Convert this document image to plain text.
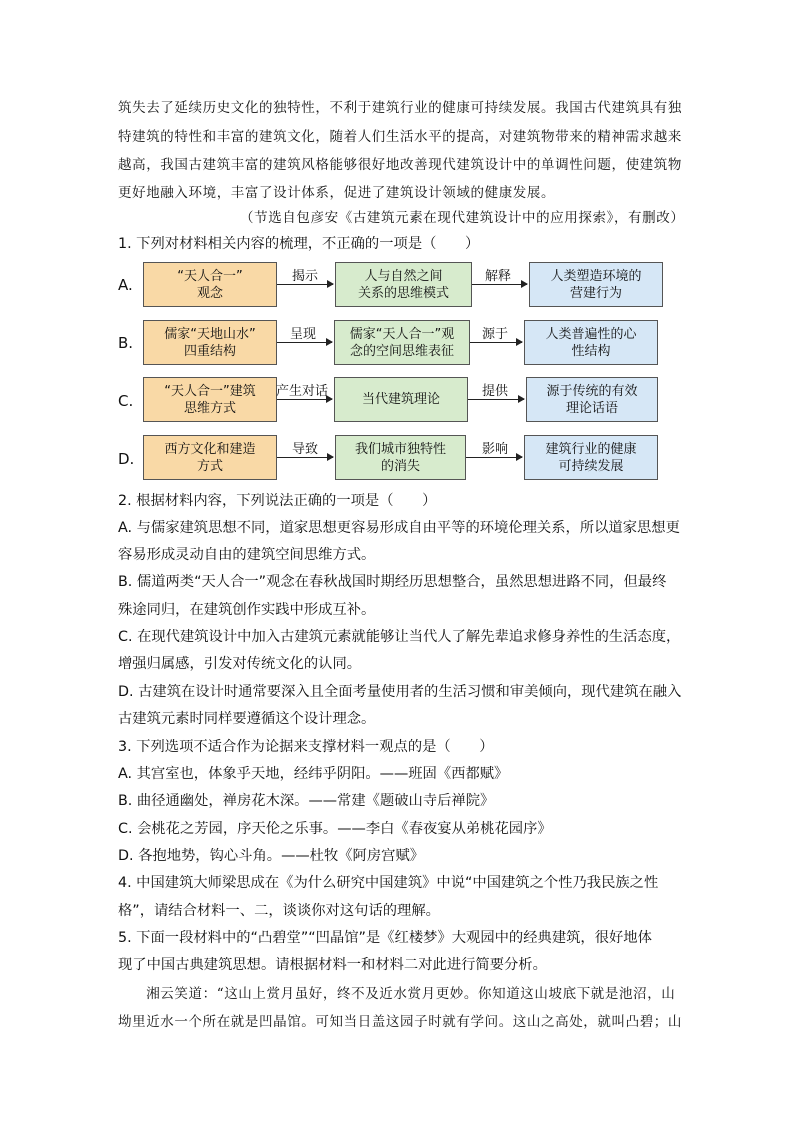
筑失去了延续历史文化的独特性，不利于建筑行业的健康可持续发展。我国古代建筑具有独
特建筑的特性和丰富的建筑文化，随着人们生活水平的提高，对建筑物带来的精神需求越来
越高，我国古建筑丰富的建筑风格能够很好地改善现代建筑设计中的单调性问题，使建筑物
更好地融入环境，丰富了设计体系，促进了建筑设计领域的健康发展。
（节选自包彦安《古建筑元素在现代建筑设计中的应用探索》，有删改）
1. 下列对材料相关内容的梳理，不正确的一项是（　　）
A.	“天人合一”
观念
揭示	人与自然之间
关系的思维模式
解释	人类塑造环境的
营建行为
B. 儒家“天地山水”
四重结构
呈现	儒家“天人合一”观
念的空间思维表征
源于	人类普遍性的心
性结构
C.
“天人合一”建筑
思维方式
产生对话
当代建筑理论
提供	源于传统的有效
理论话语
D.
西方文化和建造
方式
导致	我们城市独特性
的消失
影响	建筑行业的健康
可持续发展
2. 根据材料内容，下列说法正确的一项是（　　）
A. 与儒家建筑思想不同，道家思想更容易形成自由平等的环境伦理关系，所以道家思想更
容易形成灵动自由的建筑空间思维方式。
B. 儒道两类“天人合一”观念在春秋战国时期经历思想整合，虽然思想进路不同，但最终
殊途同归，在建筑创作实践中形成互补。
C. 在现代建筑设计中加入古建筑元素就能够让当代人了解先辈追求修身养性的生活态度，
增强归属感，引发对传统文化的认同。
D. 古建筑在设计时通常要深入且全面考量使用者的生活习惯和审美倾向，现代建筑在融入
古建筑元素时同样要遵循这个设计理念。
3. 下列选项不适合作为论据来支撑材料一观点的是（　　）
A. 其宫室也，体象乎天地，经纬乎阴阳。——班固《西都赋》
B. 曲径通幽处，禅房花木深。——常建《题破山寺后禅院》
C. 会桃花之芳园，序天伦之乐事。——李白《春夜宴从弟桃花园序》
D. 各抱地势，钩心斗角。——杜牧《阿房宫赋》
4. 中国建筑大师梁思成在《为什么研究中国建筑》中说“中国建筑之个性乃我民族之性
格”，请结合材料一、二，谈谈你对这句话的理解。
5. 下面一段材料中的“凸碧堂”“凹晶馆”是《红楼梦》大观园中的经典建筑，很好地体
现了中国古典建筑思想。请根据材料一和材料二对此进行简要分析。
　　湘云笑道：“这山上赏月虽好，终不及近水赏月更妙。你知道这山坡底下就是池沼，山
坳里近水一个所在就是凹晶馆。可知当日盖这园子时就有学问。这山之高处，就叫凸碧；山
